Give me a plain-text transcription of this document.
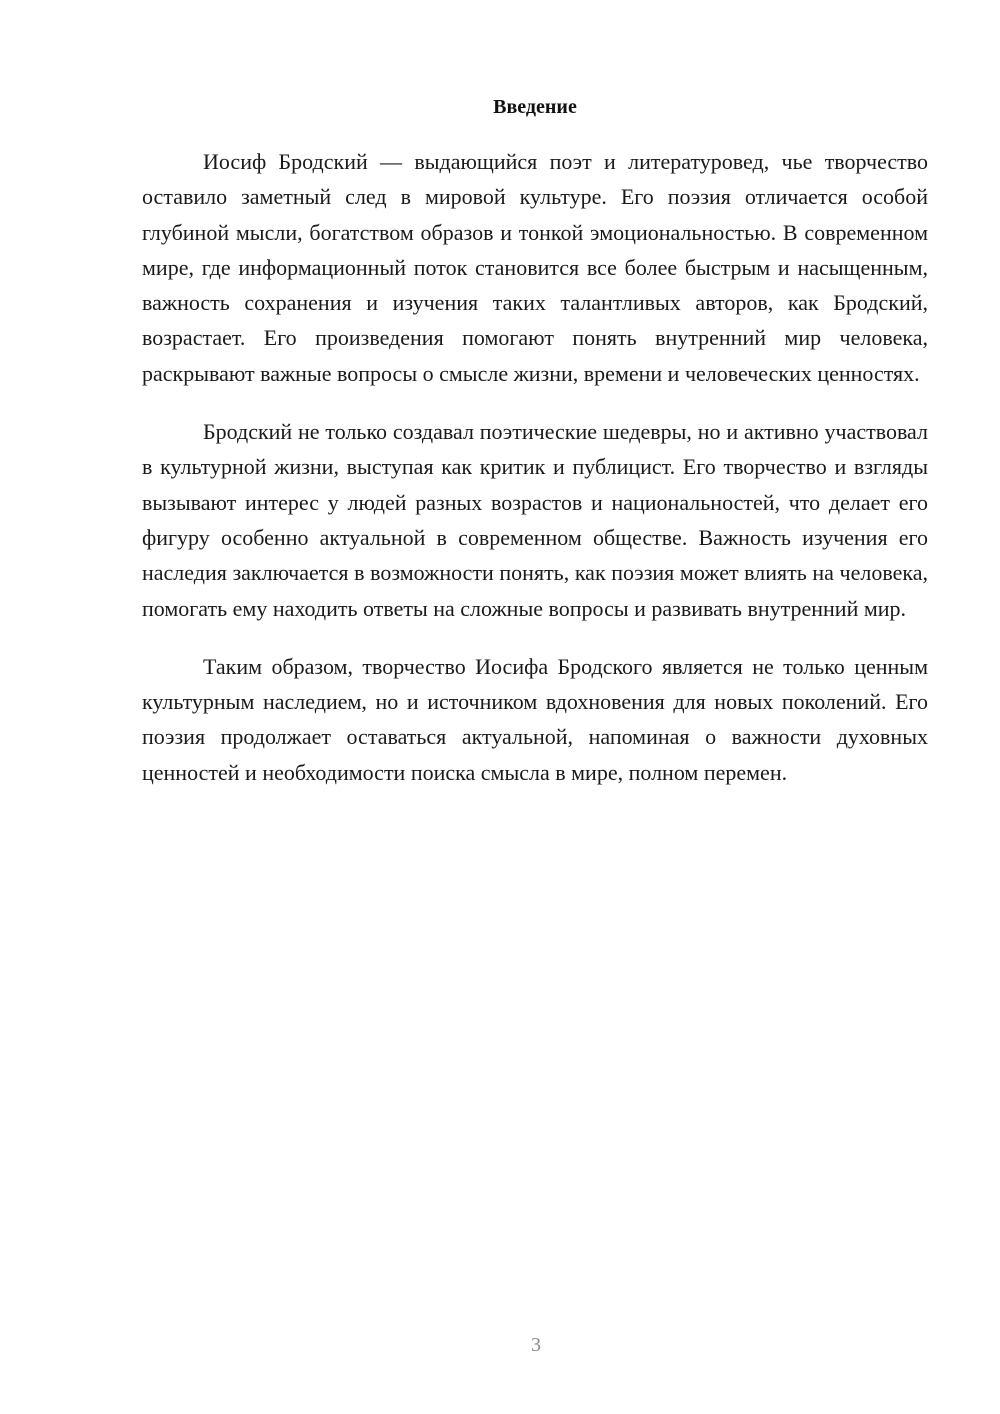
Введение

Иосиф Бродский — выдающийся поэт и литературовед, чье творчество оставило заметный след в мировой культуре. Его поэзия отличается особой глубиной мысли, богатством образов и тонкой эмоциональностью. В современном мире, где информационный поток становится все более быстрым и насыщенным, важность сохранения и изучения таких талантливых авторов, как Бродский, возрастает. Его произведения помогают понять внутренний мир человека, раскрывают важные вопросы о смысле жизни, времени и человеческих ценностях.

Бродский не только создавал поэтические шедевры, но и активно участвовал в культурной жизни, выступая как критик и публицист. Его творчество и взгляды вызывают интерес у людей разных возрастов и национальностей, что делает его фигуру особенно актуальной в современном обществе. Важность изучения его наследия заключается в возможности понять, как поэзия может влиять на человека, помогать ему находить ответы на сложные вопросы и развивать внутренний мир.

Таким образом, творчество Иосифа Бродского является не только ценным культурным наследием, но и источником вдохновения для новых поколений. Его поэзия продолжает оставаться актуальной, напоминая о важности духовных ценностей и необходимости поиска смысла в мире, полном перемен.

3
